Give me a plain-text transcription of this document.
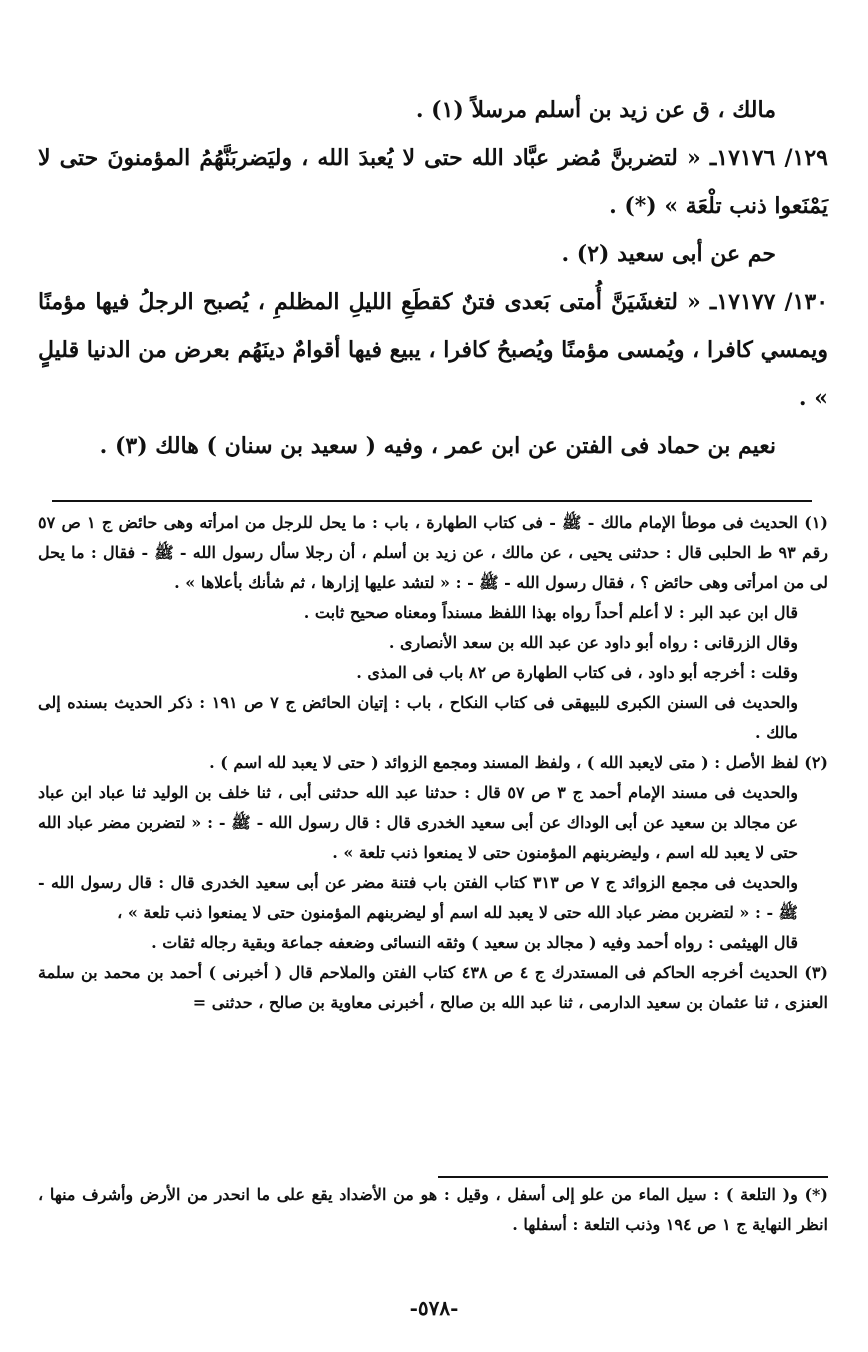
مالك ، ق عن زيد بن أسلم مرسلاً (١) .

١٢٩/ ١٧١٧٦ـ « لتضربنَّ مُضر عبَّاد الله حتى لا يُعبدَ الله ، وليَضربَنَّهُمُ المؤمنونَ حتى لا يَمْنَعوا ذنب تلْعَة » (*) .

حم عن أبى سعيد (٢) .

١٣٠/ ١٧١٧٧ـ « لتغشَيَنَّ أُمتى بَعدى فتنٌ كقطَعِ الليلِ المظلمِ ، يُصبح الرجلُ فيها مؤمنًا ويمسي كافرا ، ويُمسى مؤمنًا ويُصبحُ كافرا ، يبيع فيها أقوامٌ دينَهُم بعرض من الدنيا قليلٍ » .

نعيم بن حماد فى الفتن عن ابن عمر ، وفيه ( سعيد بن سنان ) هالك (٣) .

(١) الحديث فى موطأ الإمام مالك - ﷺ - فى كتاب الطهارة ، باب : ما يحل للرجل من امرأته وهى حائض ج ١ ص ٥٧ رقم ٩٣ ط الحلبى قال : حدثنى يحيى ، عن مالك ، عن زيد بن أسلم ، أن رجلا سأل رسول الله - ﷺ - فقال : ما يحل لى من امرأتى وهى حائض ؟ ، فقال رسول الله - ﷺ - : « لتشد عليها إزارها ، ثم شأنك بأعلاها » .

قال ابن عبد البر : لا أعلم أحداً رواه بهذا اللفظ مسنداً ومعناه صحيح ثابت .

وقال الزرقانى : رواه أبو داود عن عبد الله بن سعد الأنصارى .

وقلت : أخرجه أبو داود ، فى كتاب الطهارة ص ٨٢ باب فى المذى .

والحديث فى السنن الكبرى للبيهقى فى كتاب النكاح ، باب : إتيان الحائض ج ٧ ص ١٩١ : ذكر الحديث بسنده إلى مالك .

(٢) لفظ الأصل : ( متى لايعبد الله ) ، ولفظ المسند ومجمع الزوائد ( حتى لا يعبد لله اسم ) .

والحديث فى مسند الإمام أحمد ج ٣ ص ٥٧ قال : حدثنا عبد الله حدثنى أبى ، ثنا خلف بن الوليد ثنا عباد ابن عباد عن مجالد بن سعيد عن أبى الوداك عن أبى سعيد الخدرى قال : قال رسول الله - ﷺ - : « لتضربن مضر عباد الله حتى لا يعبد لله اسم ، وليضربنهم المؤمنون حتى لا يمنعوا ذنب تلعة » .

والحديث فى مجمع الزوائد ج ٧ ص ٣١٣ كتاب الفتن باب فتنة مضر عن أبى سعيد الخدرى قال : قال رسول الله - ﷺ - : « لتضربن مضر عباد الله حتى لا يعبد لله اسم أو ليضربنهم المؤمنون حتى لا يمنعوا ذنب تلعة » ،

قال الهيثمى : رواه أحمد وفيه ( مجالد بن سعيد ) وثقه النسائى وضعفه جماعة وبقية رجاله ثقات .

(٣) الحديث أخرجه الحاكم فى المستدرك ج ٤ ص ٤٣٨ كتاب الفتن والملاحم قال ( أخبرنى ) أحمد بن محمد بن سلمة العنزى ، ثنا عثمان بن سعيد الدارمى ، ثنا عبد الله بن صالح ، أخبرنى معاوية بن صالح ، حدثنى =

(*) و( التلعة ) : سيل الماء من علو إلى أسفل ، وقيل : هو من الأضداد يقع على ما انحدر من الأرض وأشرف منها ، انظر النهاية ج ١ ص ١٩٤ وذنب التلعة : أسفلها .

-٥٧٨-
